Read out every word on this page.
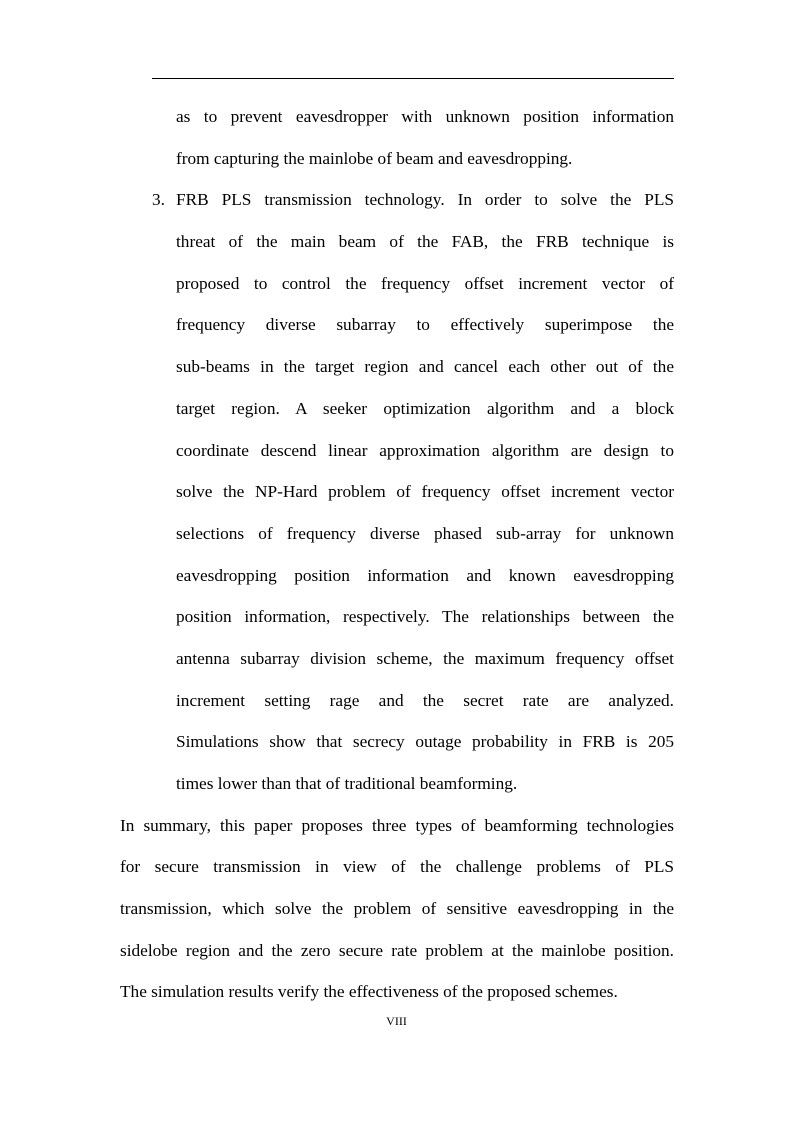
as to prevent eavesdropper with unknown position information
from capturing the mainlobe of beam and eavesdropping.
3. FRB PLS transmission technology. In order to solve the PLS
threat of the main beam of the FAB, the FRB technique is
proposed to control the frequency offset increment vector of
frequency diverse subarray to effectively superimpose the
sub-beams in the target region and cancel each other out of the
target region. A seeker optimization algorithm and a block
coordinate descend linear approximation algorithm are design to
solve the NP-Hard problem of frequency offset increment vector
selections of frequency diverse phased sub-array for unknown
eavesdropping position information and known eavesdropping
position information, respectively. The relationships between the
antenna subarray division scheme, the maximum frequency offset
increment setting rage and the secret rate are analyzed.
Simulations show that secrecy outage probability in FRB is 205
times lower than that of traditional beamforming.
In summary, this paper proposes three types of beamforming technologies
for secure transmission in view of the challenge problems of PLS
transmission, which solve the problem of sensitive eavesdropping in the
sidelobe region and the zero secure rate problem at the mainlobe position.
The simulation results verify the effectiveness of the proposed schemes.
VIII
